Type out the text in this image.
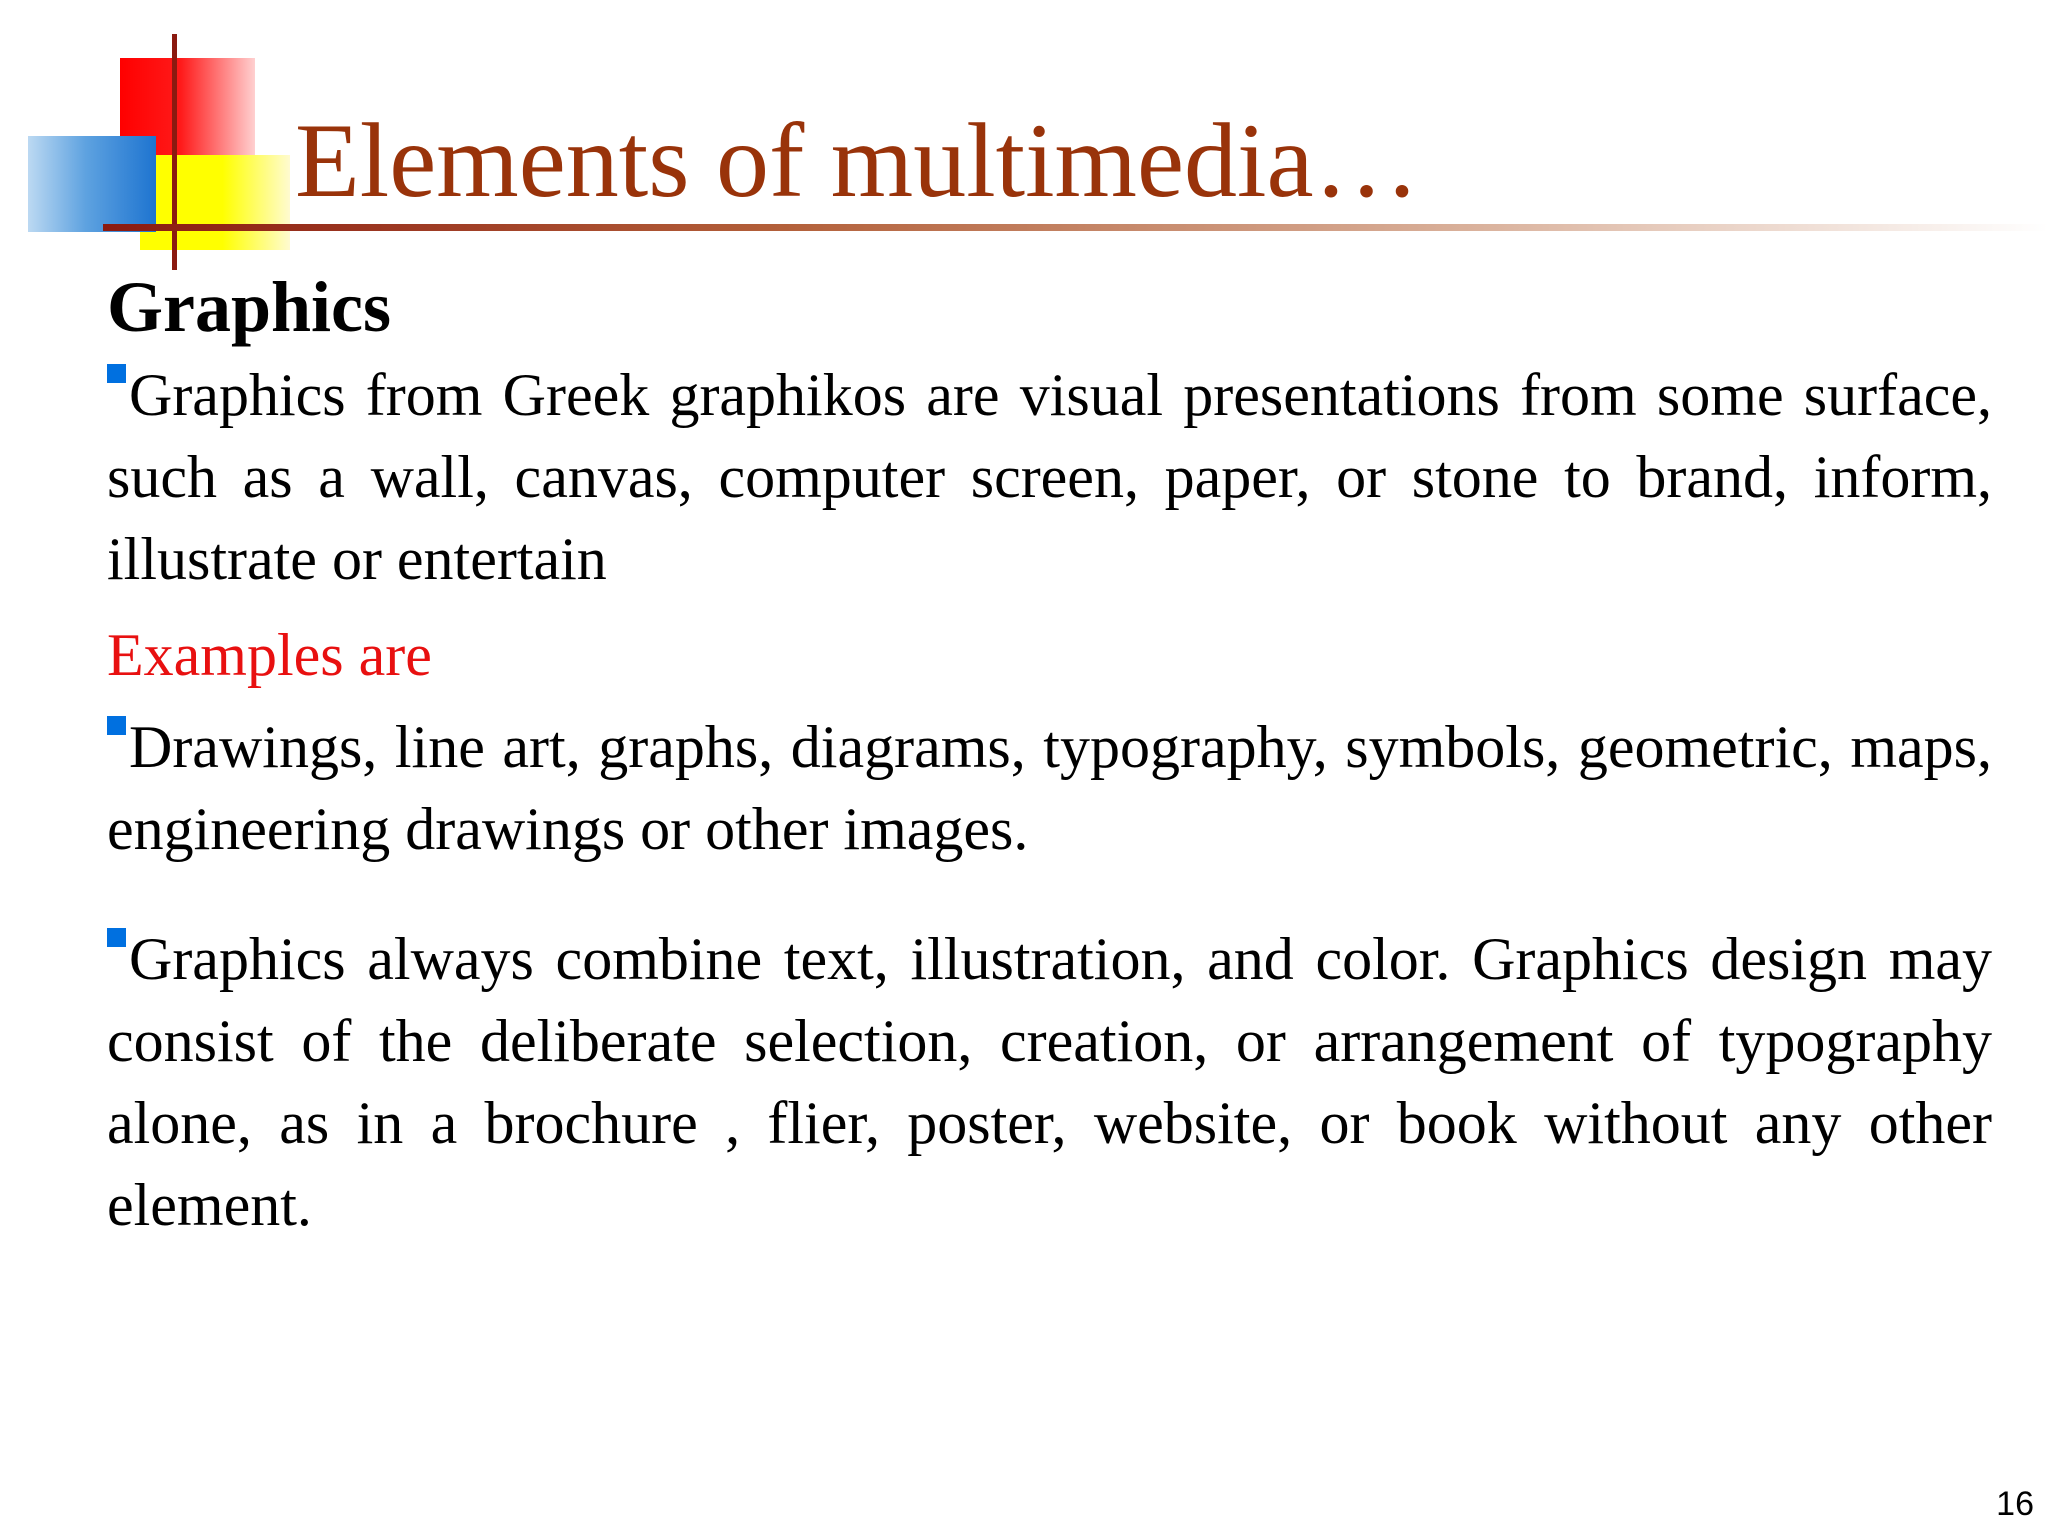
Elements of multimedia…
Graphics

Graphics from Greek graphikos are visual presentations from some surface, such as a wall, canvas, computer screen, paper, or stone to brand, inform, illustrate or entertain

Examples are

Drawings, line art, graphs, diagrams, typography, symbols, geometric, maps, engineering drawings or other images.

Graphics always combine text, illustration, and color. Graphics design may consist of the deliberate selection, creation, or arrangement of typography alone, as in a brochure , flier, poster, website, or book without any other element.

16
